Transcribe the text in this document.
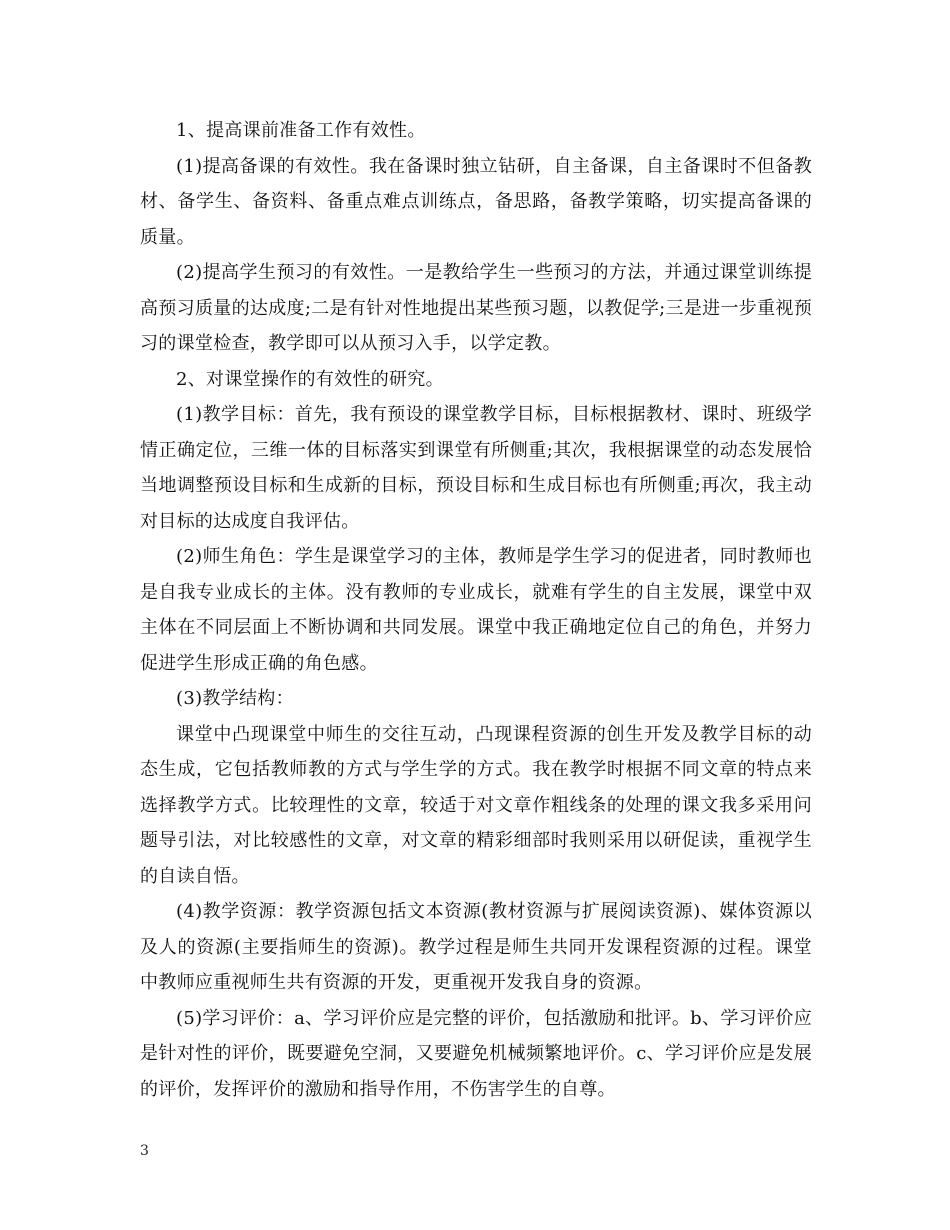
1、提高课前准备工作有效性。

(1)提高备课的有效性。我在备课时独立钻研，自主备课，自主备课时不但备教材、备学生、备资料、备重点难点训练点，备思路，备教学策略，切实提高备课的质量。

(2)提高学生预习的有效性。一是教给学生一些预习的方法，并通过课堂训练提高预习质量的达成度;二是有针对性地提出某些预习题，以教促学;三是进一步重视预习的课堂检查，教学即可以从预习入手，以学定教。

2、对课堂操作的有效性的研究。

(1)教学目标：首先，我有预设的课堂教学目标，目标根据教材、课时、班级学情正确定位，三维一体的目标落实到课堂有所侧重;其次，我根据课堂的动态发展恰当地调整预设目标和生成新的目标，预设目标和生成目标也有所侧重;再次，我主动对目标的达成度自我评估。

(2)师生角色：学生是课堂学习的主体，教师是学生学习的促进者，同时教师也是自我专业成长的主体。没有教师的专业成长，就难有学生的自主发展，课堂中双主体在不同层面上不断协调和共同发展。课堂中我正确地定位自己的角色，并努力促进学生形成正确的角色感。

(3)教学结构：

课堂中凸现课堂中师生的交往互动，凸现课程资源的创生开发及教学目标的动态生成，它包括教师教的方式与学生学的方式。我在教学时根据不同文章的特点来选择教学方式。比较理性的文章，较适于对文章作粗线条的处理的课文我多采用问题导引法，对比较感性的文章，对文章的精彩细部时我则采用以研促读，重视学生的自读自悟。

(4)教学资源：教学资源包括文本资源(教材资源与扩展阅读资源)、媒体资源以及人的资源(主要指师生的资源)。教学过程是师生共同开发课程资源的过程。课堂中教师应重视师生共有资源的开发，更重视开发我自身的资源。

(5)学习评价：a、学习评价应是完整的评价，包括激励和批评。b、学习评价应是针对性的评价，既要避免空洞，又要避免机械频繁地评价。c、学习评价应是发展的评价，发挥评价的激励和指导作用，不伤害学生的自尊。

3
